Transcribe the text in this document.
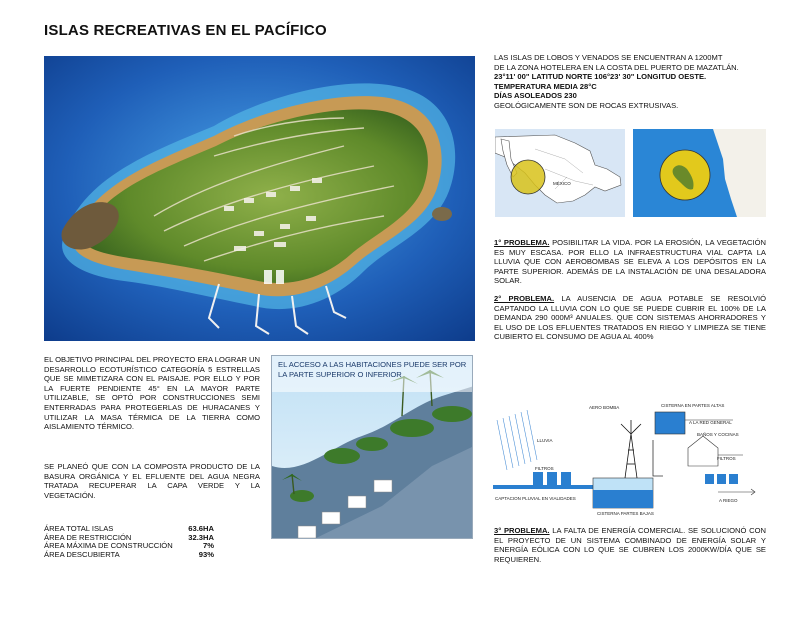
ISLAS RECREATIVAS EN EL PACÍFICO
LAS ISLAS DE LOBOS Y VENADOS SE ENCUENTRAN A 1200MT
DE LA ZONA HOTELERA EN LA COSTA DEL PUERTO DE MAZATLÁN.
23°11' 00" LATITUD NORTE 106°23' 30" LONGITUD OESTE.
TEMPERATURA MEDIA 28°C
DÍAS ASOLEADOS 230
GEOLÓGICAMENTE SON DE ROCAS EXTRUSIVAS.
MÉXICO
1° PROBLEMA. POSIBILITAR LA VIDA. POR LA EROSIÓN, LA VEGETACIÓN ES MUY ESCASA. POR ELLO LA INFRAESTRUCTURA VIAL CAPTA LA LLUVIA QUE CON AEROBOMBAS SE ELEVA A LOS DEPÓSITOS EN LA PARTE SUPERIOR. ADEMÁS DE LA INSTALACIÓN DE UNA DESALADORA SOLAR.
2° PROBLEMA. LA AUSENCIA DE AGUA POTABLE SE RESOLVIÓ CAPTANDO LA LLUVIA CON LO QUE SE PUEDE CUBRIR EL 100% DE LA DEMANDA 290 000M³ ANUALES. QUE CON SISTEMAS AHORRADORES Y EL USO DE LOS EFLUENTES TRATADOS EN RIEGO Y LIMPIEZA SE TIENE CUBIERTO EL CONSUMO DE AGUA AL 400%
EL OBJETIVO PRINCIPAL DEL PROYECTO ERA LOGRAR UN DESARROLLO ECOTURÍSTICO CATEGORÍA 5 ESTRELLAS QUE SE MIMETIZARA CON EL PAISAJE. POR ELLO Y POR LA FUERTE PENDIENTE 45° EN LA MAYOR PARTE UTILIZABLE, SE OPTÓ POR CONSTRUCCIONES SEMI ENTERRADAS PARA PROTEGERLAS DE HURACANES Y UTILIZAR LA MASA TÉRMICA DE LA TIERRA COMO AISLAMIENTO TÉRMICO.
SE PLANEÓ QUE CON LA COMPOSTA PRODUCTO DE LA BASURA ORGÁNICA Y EL EFLUENTE DEL AGUA NEGRA TRATADA RECUPERAR LA CAPA VERDE Y LA VEGETACIÓN.
ÁREA TOTAL ISLAS	63.6HA
ÁREA DE RESTRICCIÓN	32.3HA
ÁREA MÁXIMA DE CONSTRUCCIÓN	7%
ÁREA DESCUBIERTA	93%
EL ACCESO A LAS HABITACIONES PUEDE SER POR LA PARTE SUPERIOR O INFERIOR
AERO BOMBA	CISTERNA EN PARTES ALTAS
A LA RED GENERAL
BAÑOS Y COCINAS
FILTROS
FILTROS
LLUVIA
A RIEGO
CAPTACION PLUVIAL EN VIALIDADES
CISTERNA PARTES BAJAS
3° PROBLEMA. LA FALTA DE ENERGÍA COMERCIAL. SE SOLUCIONÓ CON EL PROYECTO DE UN SISTEMA COMBINADO DE ENERGÍA SOLAR Y ENERGÍA EÓLICA CON LO QUE SE CUBREN LOS 2000KW/DÍA QUE SE REQUIEREN.
